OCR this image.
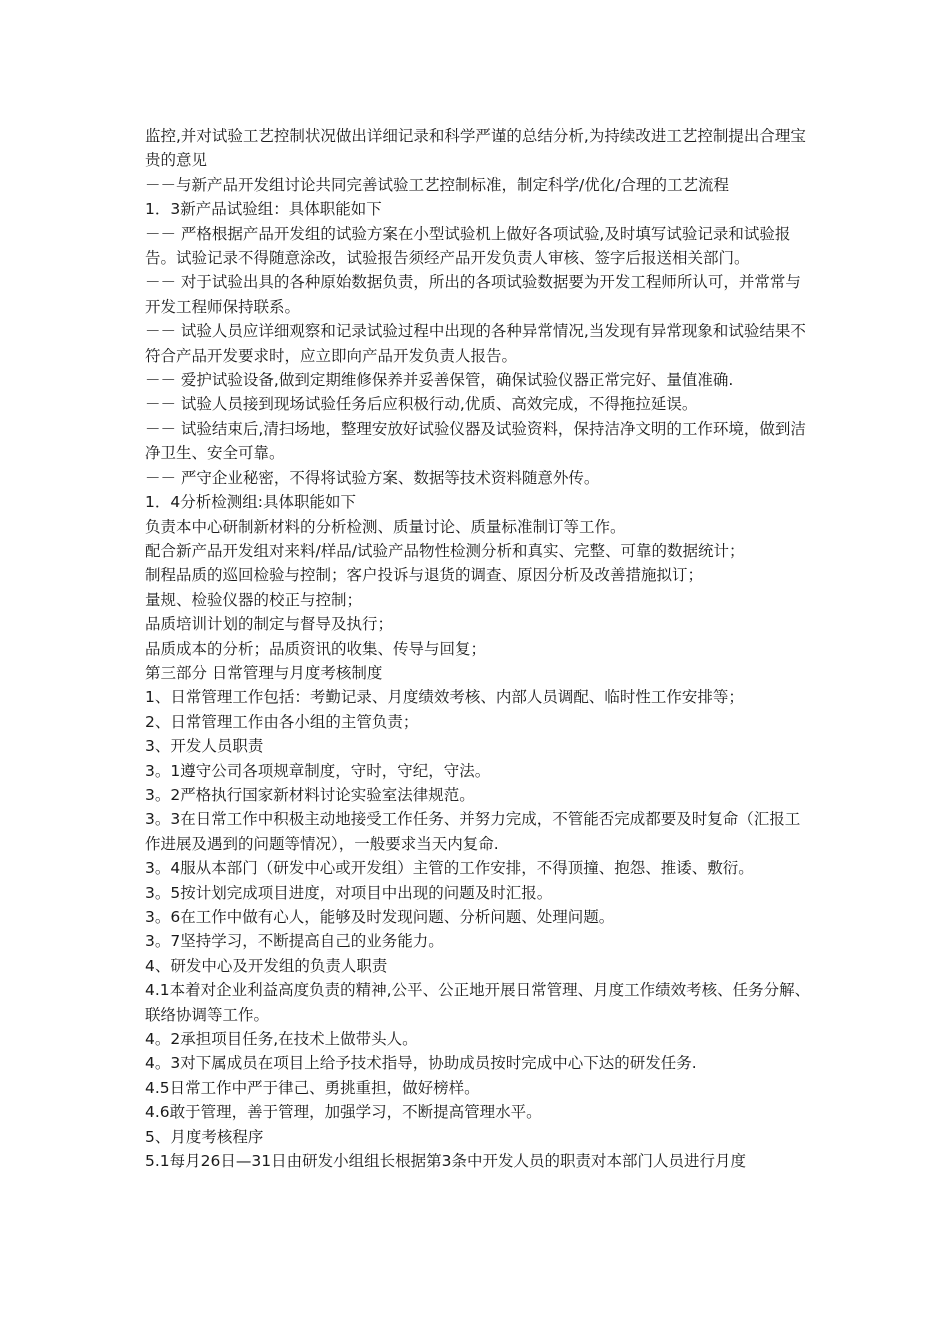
监控,并对试验工艺控制状况做出详细记录和科学严谨的总结分析,为持续改进工艺控制提出合理宝贵的意见

－－与新产品开发组讨论共同完善试验工艺控制标准，制定科学/优化/合理的工艺流程

1．3新产品试验组：具体职能如下

－－ 严格根据产品开发组的试验方案在小型试验机上做好各项试验,及时填写试验记录和试验报告。试验记录不得随意涂改，试验报告须经产品开发负责人审核、签字后报送相关部门。

－－ 对于试验出具的各种原始数据负责，所出的各项试验数据要为开发工程师所认可，并常常与开发工程师保持联系。

－－ 试验人员应详细观察和记录试验过程中出现的各种异常情况,当发现有异常现象和试验结果不符合产品开发要求时，应立即向产品开发负责人报告。

－－ 爱护试验设备,做到定期维修保养并妥善保管，确保试验仪器正常完好、量值准确.

－－ 试验人员接到现场试验任务后应积极行动,优质、高效完成，不得拖拉延误。

－－ 试验结束后,清扫场地，整理安放好试验仪器及试验资料，保持洁净文明的工作环境，做到洁净卫生、安全可靠。

－－ 严守企业秘密，不得将试验方案、数据等技术资料随意外传。

1．4分析检测组:具体职能如下

负责本中心研制新材料的分析检测、质量讨论、质量标准制订等工作。

配合新产品开发组对来料/样品/试验产品物性检测分析和真实、完整、可靠的数据统计；

制程品质的巡回检验与控制；客户投诉与退货的调查、原因分析及改善措施拟订；

量规、检验仪器的校正与控制；

品质培训计划的制定与督导及执行；

品质成本的分析；品质资讯的收集、传导与回复；

第三部分 日常管理与月度考核制度

1、日常管理工作包括：考勤记录、月度绩效考核、内部人员调配、临时性工作安排等；

2、日常管理工作由各小组的主管负责；

3、开发人员职责

3。1遵守公司各项规章制度，守时，守纪，守法。

3。2严格执行国家新材料讨论实验室法律规范。

3。3在日常工作中积极主动地接受工作任务、并努力完成，不管能否完成都要及时复命（汇报工作进展及遇到的问题等情况），一般要求当天内复命.

3。4服从本部门（研发中心或开发组）主管的工作安排，不得顶撞、抱怨、推诿、敷衍。

3。5按计划完成项目进度，对项目中出现的问题及时汇报。

3。6在工作中做有心人，能够及时发现问题、分析问题、处理问题。

3。7坚持学习，不断提高自己的业务能力。

4、研发中心及开发组的负责人职责

4.1本着对企业利益高度负责的精神,公平、公正地开展日常管理、月度工作绩效考核、任务分解、联络协调等工作。

4。2承担项目任务,在技术上做带头人。

4。3对下属成员在项目上给予技术指导，协助成员按时完成中心下达的研发任务.

4.5日常工作中严于律己、勇挑重担，做好榜样。

4.6敢于管理，善于管理，加强学习，不断提高管理水平。

5、月度考核程序

5.1每月26日—31日由研发小组组长根据第3条中开发人员的职责对本部门人员进行月度
